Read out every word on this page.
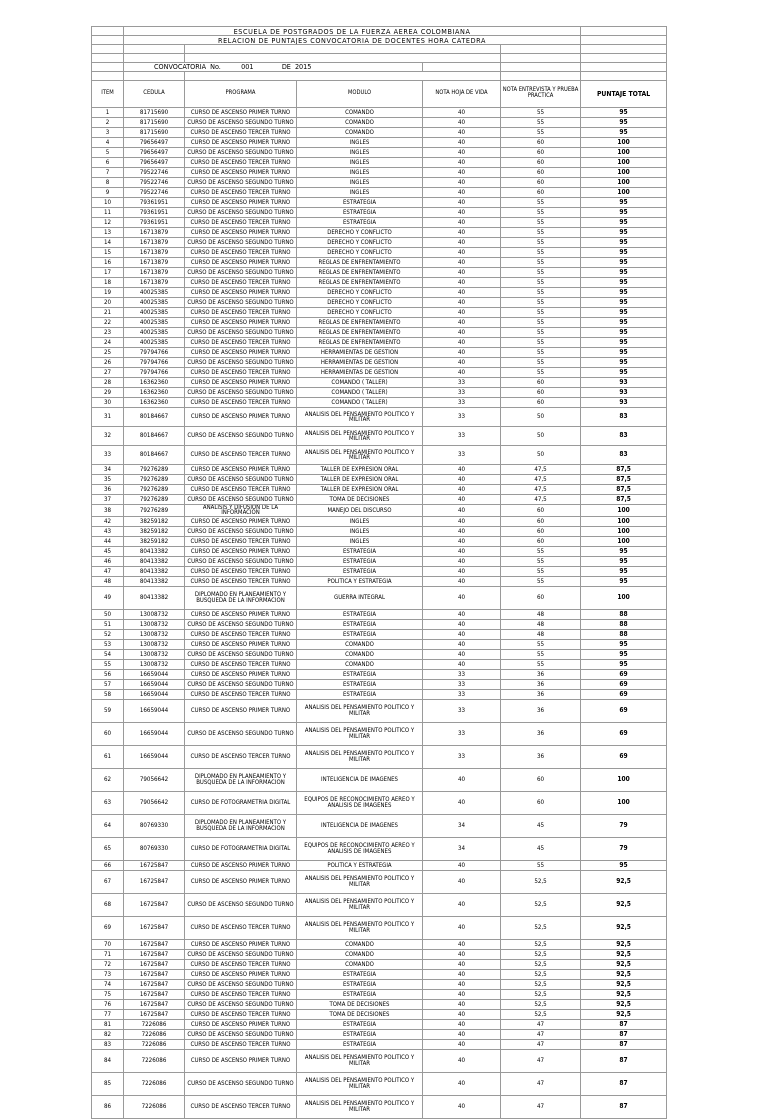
	ESCUELA DE POSTGRADOS DE LA FUERZA AEREA COLOMBIANA					
	RELACION DE PUNTAJES CONVOCATORIA DE DOCENTES HORA CATEDRA					

	CONVOCATORIA No. 001 DE 2015					

ITEM	CEDULA	PROGRAMA	MODULO	NOTA HOJA DE VIDA	NOTA ENTREVISTA Y PRUEBA PRACTICA	PUNTAJE TOTAL
1	81715690	CURSO DE ASCENSO PRIMER TURNO	COMANDO	40	55	95
2	81715690	CURSO DE ASCENSO SEGUNDO TURNO	COMANDO	40	55	95
3	81715690	CURSO DE ASCENSO TERCER TURNO	COMANDO	40	55	95
4	79656497	CURSO DE ASCENSO PRIMER TURNO	INGLES	40	60	100
5	79656497	CURSO DE ASCENSO SEGUNDO TURNO	INGLES	40	60	100
6	79656497	CURSO DE ASCENSO TERCER TURNO	INGLES	40	60	100
7	79522746	CURSO DE ASCENSO PRIMER TURNO	INGLES	40	60	100
8	79522746	CURSO DE ASCENSO SEGUNDO TURNO	INGLES	40	60	100
9	79522746	CURSO DE ASCENSO TERCER TURNO	INGLES	40	60	100
10	79361951	CURSO DE ASCENSO PRIMER TURNO	ESTRATEGIA	40	55	95
11	79361951	CURSO DE ASCENSO SEGUNDO TURNO	ESTRATEGIA	40	55	95
12	79361951	CURSO DE ASCENSO TERCER TURNO	ESTRATEGIA	40	55	95
13	16713879	CURSO DE ASCENSO PRIMER TURNO	DERECHO Y CONFLICTO	40	55	95
14	16713879	CURSO DE ASCENSO SEGUNDO TURNO	DERECHO Y CONFLICTO	40	55	95
15	16713879	CURSO DE ASCENSO TERCER TURNO	DERECHO Y CONFLICTO	40	55	95
16	16713879	CURSO DE ASCENSO PRIMER TURNO	REGLAS DE ENFRENTAMIENTO	40	55	95
17	16713879	CURSO DE ASCENSO SEGUNDO TURNO	REGLAS DE ENFRENTAMIENTO	40	55	95
18	16713879	CURSO DE ASCENSO TERCER TURNO	REGLAS DE ENFRENTAMIENTO	40	55	95
19	40025385	CURSO DE ASCENSO PRIMER TURNO	DERECHO Y CONFLICTO	40	55	95
20	40025385	CURSO DE ASCENSO SEGUNDO TURNO	DERECHO Y CONFLICTO	40	55	95
21	40025385	CURSO DE ASCENSO TERCER TURNO	DERECHO Y CONFLICTO	40	55	95
22	40025385	CURSO DE ASCENSO PRIMER TURNO	REGLAS DE ENFRENTAMIENTO	40	55	95
23	40025385	CURSO DE ASCENSO SEGUNDO TURNO	REGLAS DE ENFRENTAMIENTO	40	55	95
24	40025385	CURSO DE ASCENSO TERCER TURNO	REGLAS DE ENFRENTAMIENTO	40	55	95
25	79794766	CURSO DE ASCENSO PRIMER TURNO	HERRAMIENTAS DE GESTION	40	55	95
26	79794766	CURSO DE ASCENSO SEGUNDO TURNO	HERRAMIENTAS DE GESTION	40	55	95
27	79794766	CURSO DE ASCENSO TERCER TURNO	HERRAMIENTAS DE GESTION	40	55	95
28	16362360	CURSO DE ASCENSO PRIMER TURNO	COMANDO ( TALLER)	33	60	93
29	16362360	CURSO DE ASCENSO SEGUNDO TURNO	COMANDO ( TALLER)	33	60	93
30	16362360	CURSO DE ASCENSO TERCER TURNO	COMANDO ( TALLER)	33	60	93
31	80184667	CURSO DE ASCENSO PRIMER TURNO	ANALISIS DEL PENSAMIENTO POLITICO Y MILITAR	33	50	83
32	80184667	CURSO DE ASCENSO SEGUNDO TURNO	ANALISIS DEL PENSAMIENTO POLITICO Y MILITAR	33	50	83
33	80184667	CURSO DE ASCENSO TERCER TURNO	ANALISIS DEL PENSAMIENTO POLITICO Y MILITAR	33	50	83
34	79276289	CURSO DE ASCENSO PRIMER TURNO	TALLER DE EXPRESION ORAL	40	47,5	87,5
35	79276289	CURSO DE ASCENSO SEGUNDO TURNO	TALLER DE EXPRESION ORAL	40	47,5	87,5
36	79276289	CURSO DE ASCENSO TERCER TURNO	TALLER DE EXPRESION ORAL	40	47,5	87,5
37	79276289	CURSO DE ASCENSO SEGUNDO TURNO	TOMA DE DECISIONES	40	47,5	87,5
38	79276289	ANALISIS Y DIFUSION DE LA INFORMACION	MANEJO DEL DISCURSO	40	60	100
42	38259182	CURSO DE ASCENSO PRIMER TURNO	INGLES	40	60	100
43	38259182	CURSO DE ASCENSO SEGUNDO TURNO	INGLES	40	60	100
44	38259182	CURSO DE ASCENSO TERCER TURNO	INGLES	40	60	100
45	80413382	CURSO DE ASCENSO PRIMER TURNO	ESTRATEGIA	40	55	95
46	80413382	CURSO DE ASCENSO SEGUNDO TURNO	ESTRATEGIA	40	55	95
47	80413382	CURSO DE ASCENSO TERCER TURNO	ESTRATEGIA	40	55	95
48	80413382	CURSO DE ASCENSO TERCER TURNO	POLITICA Y ESTRATEGIA	40	55	95
49	80413382	DIPLOMADO EN PLANEAMIENTO Y BUSQUEDA DE LA INFORMACION	GUERRA INTEGRAL	40	60	100
50	13008732	CURSO DE ASCENSO PRIMER TURNO	ESTRATEGIA	40	48	88
51	13008732	CURSO DE ASCENSO SEGUNDO TURNO	ESTRATEGIA	40	48	88
52	13008732	CURSO DE ASCENSO TERCER TURNO	ESTRATEGIA	40	48	88
53	13008732	CURSO DE ASCENSO PRIMER TURNO	COMANDO	40	55	95
54	13008732	CURSO DE ASCENSO SEGUNDO TURNO	COMANDO	40	55	95
55	13008732	CURSO DE ASCENSO TERCER TURNO	COMANDO	40	55	95
56	16659044	CURSO DE ASCENSO PRIMER TURNO	ESTRATEGIA	33	36	69
57	16659044	CURSO DE ASCENSO SEGUNDO TURNO	ESTRATEGIA	33	36	69
58	16659044	CURSO DE ASCENSO TERCER TURNO	ESTRATEGIA	33	36	69
59	16659044	CURSO DE ASCENSO PRIMER TURNO	ANALISIS DEL PENSAMIENTO POLITICO Y MILITAR	33	36	69
60	16659044	CURSO DE ASCENSO SEGUNDO TURNO	ANALISIS DEL PENSAMIENTO POLITICO Y MILITAR	33	36	69
61	16659044	CURSO DE ASCENSO TERCER TURNO	ANALISIS DEL PENSAMIENTO POLITICO Y MILITAR	33	36	69
62	79056642	DIPLOMADO EN PLANEAMIENTO Y BUSQUEDA DE LA INFORMACION	INTELIGENCIA DE IMAGENES	40	60	100
63	79056642	CURSO DE FOTOGRAMETRIA DIGITAL	EQUIPOS DE RECONOCIMIENTO AEREO Y ANALISIS DE IMAGENES	40	60	100
64	80769330	DIPLOMADO EN PLANEAMIENTO Y BUSQUEDA DE LA INFORMACION	INTELIGENCIA DE IMAGENES	34	45	79
65	80769330	CURSO DE FOTOGRAMETRIA DIGITAL	EQUIPOS DE RECONOCIMIENTO AEREO Y ANALISIS DE IMAGENES	34	45	79
66	16725847	CURSO DE ASCENSO PRIMER TURNO	POLITICA Y ESTRATEGIA	40	55	95
67	16725847	CURSO DE ASCENSO PRIMER TURNO	ANALISIS DEL PENSAMIENTO POLITICO Y MILITAR	40	52,5	92,5
68	16725847	CURSO DE ASCENSO SEGUNDO TURNO	ANALISIS DEL PENSAMIENTO POLITICO Y MILITAR	40	52,5	92,5
69	16725847	CURSO DE ASCENSO TERCER TURNO	ANALISIS DEL PENSAMIENTO POLITICO Y MILITAR	40	52,5	92,5
70	16725847	CURSO DE ASCENSO PRIMER TURNO	COMANDO	40	52,5	92,5
71	16725847	CURSO DE ASCENSO SEGUNDO TURNO	COMANDO	40	52,5	92,5
72	16725847	CURSO DE ASCENSO TERCER TURNO	COMANDO	40	52,5	92,5
73	16725847	CURSO DE ASCENSO PRIMER TURNO	ESTRATEGIA	40	52,5	92,5
74	16725847	CURSO DE ASCENSO SEGUNDO TURNO	ESTRATEGIA	40	52,5	92,5
75	16725847	CURSO DE ASCENSO TERCER TURNO	ESTRATEGIA	40	52,5	92,5
76	16725847	CURSO DE ASCENSO SEGUNDO TURNO	TOMA DE DECISIONES	40	52,5	92,5
77	16725847	CURSO DE ASCENSO TERCER TURNO	TOMA DE DECISIONES	40	52,5	92,5
81	7226086	CURSO DE ASCENSO PRIMER TURNO	ESTRATEGIA	40	47	87
82	7226086	CURSO DE ASCENSO SEGUNDO TURNO	ESTRATEGIA	40	47	87
83	7226086	CURSO DE ASCENSO TERCER TURNO	ESTRATEGIA	40	47	87
84	7226086	CURSO DE ASCENSO PRIMER TURNO	ANALISIS DEL PENSAMIENTO POLITICO Y MILITAR	40	47	87
85	7226086	CURSO DE ASCENSO SEGUNDO TURNO	ANALISIS DEL PENSAMIENTO POLITICO Y MILITAR	40	47	87
86	7226086	CURSO DE ASCENSO TERCER TURNO	ANALISIS DEL PENSAMIENTO POLITICO Y MILITAR	40	47	87
